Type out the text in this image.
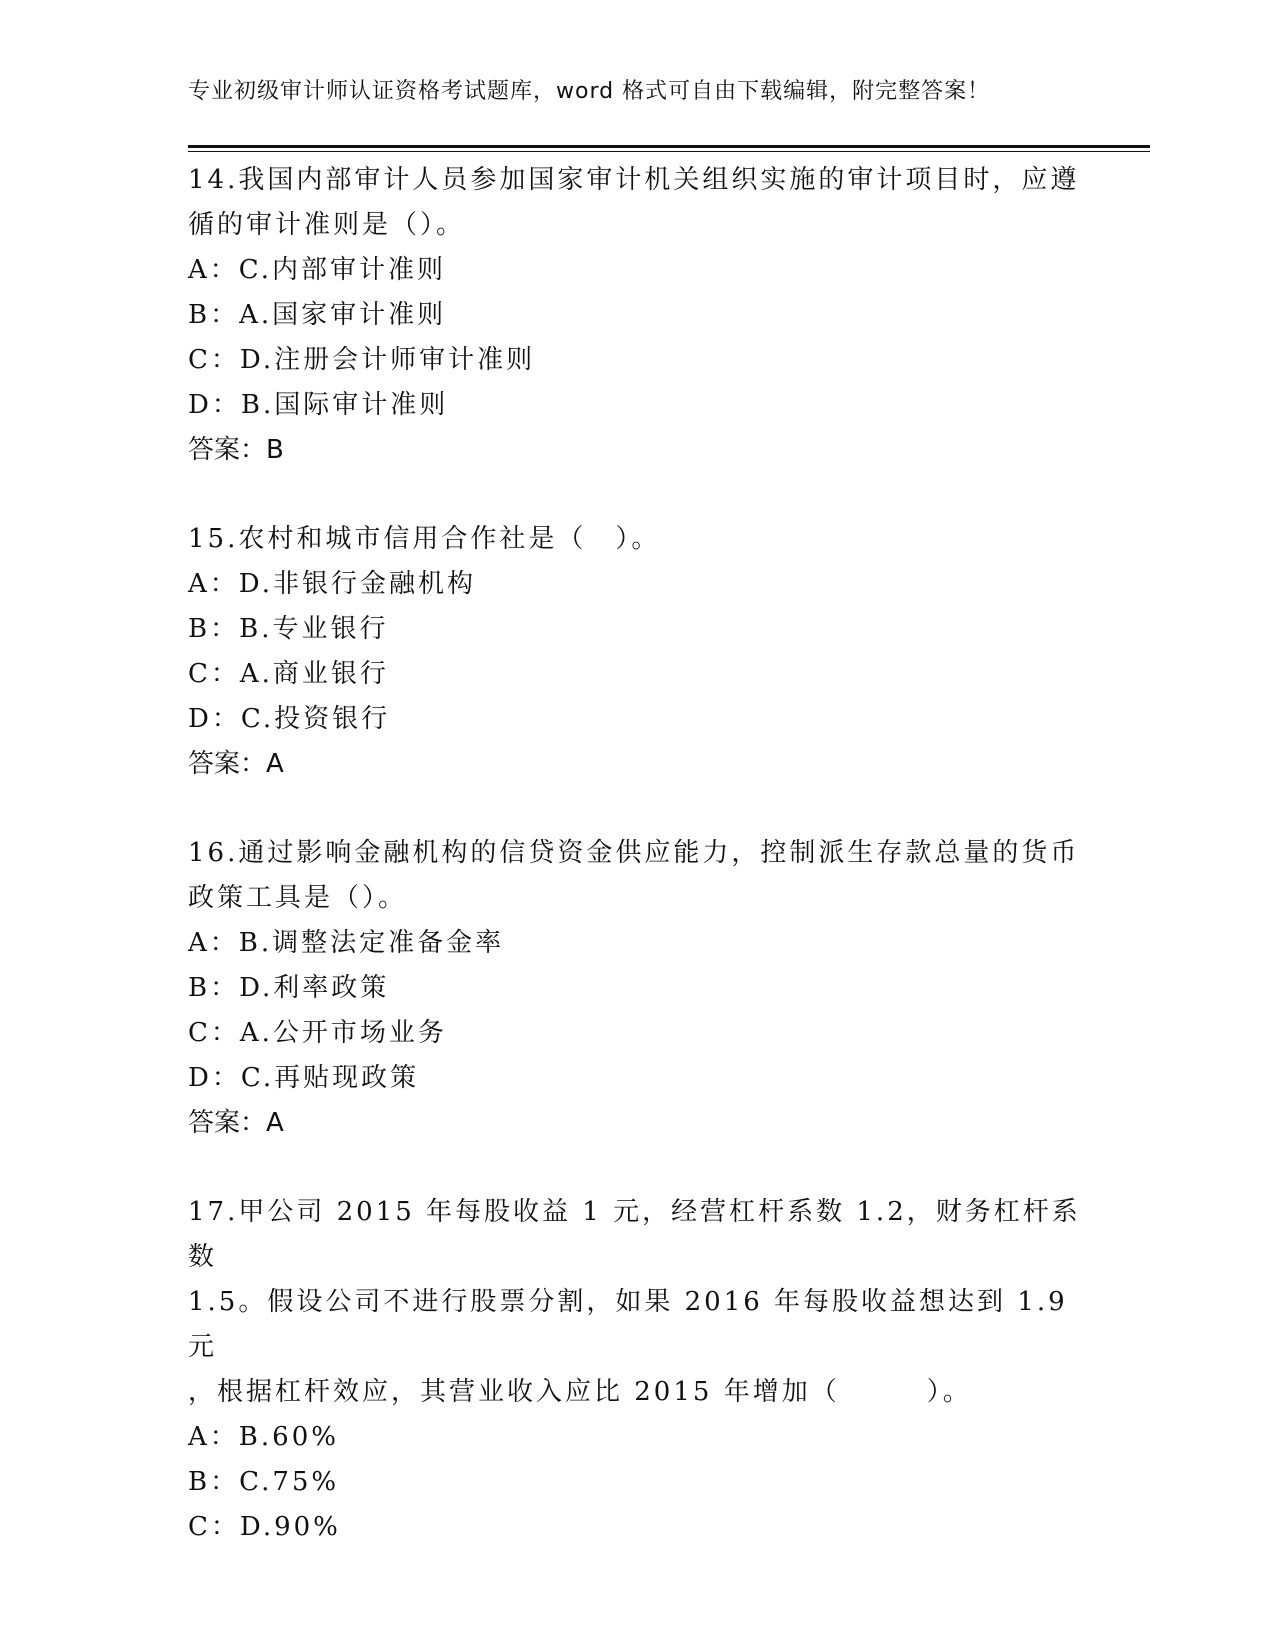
专业初级审计师认证资格考试题库，word 格式可自由下载编辑，附完整答案！

14.我国内部审计人员参加国家审计机关组织实施的审计项目时，应遵

循的审计准则是（）。

A：C.内部审计准则

B：A.国家审计准则

C：D.注册会计师审计准则

D：B.国际审计准则

答案：B

15.农村和城市信用合作社是（　）。

A：D.非银行金融机构

B：B.专业银行

C：A.商业银行

D：C.投资银行

答案：A

16.通过影响金融机构的信贷资金供应能力，控制派生存款总量的货币

政策工具是（）。

A：B.调整法定准备金率

B：D.利率政策

C：A.公开市场业务

D：C.再贴现政策

答案：A

17.甲公司 2015 年每股收益 1 元，经营杠杆系数 1.2，财务杠杆系数

1.5。假设公司不进行股票分割，如果 2016 年每股收益想达到 1.9 元

，根据杠杆效应，其营业收入应比 2015 年增加（　　　）。

A：B.60%

B：C.75%

C：D.90%
